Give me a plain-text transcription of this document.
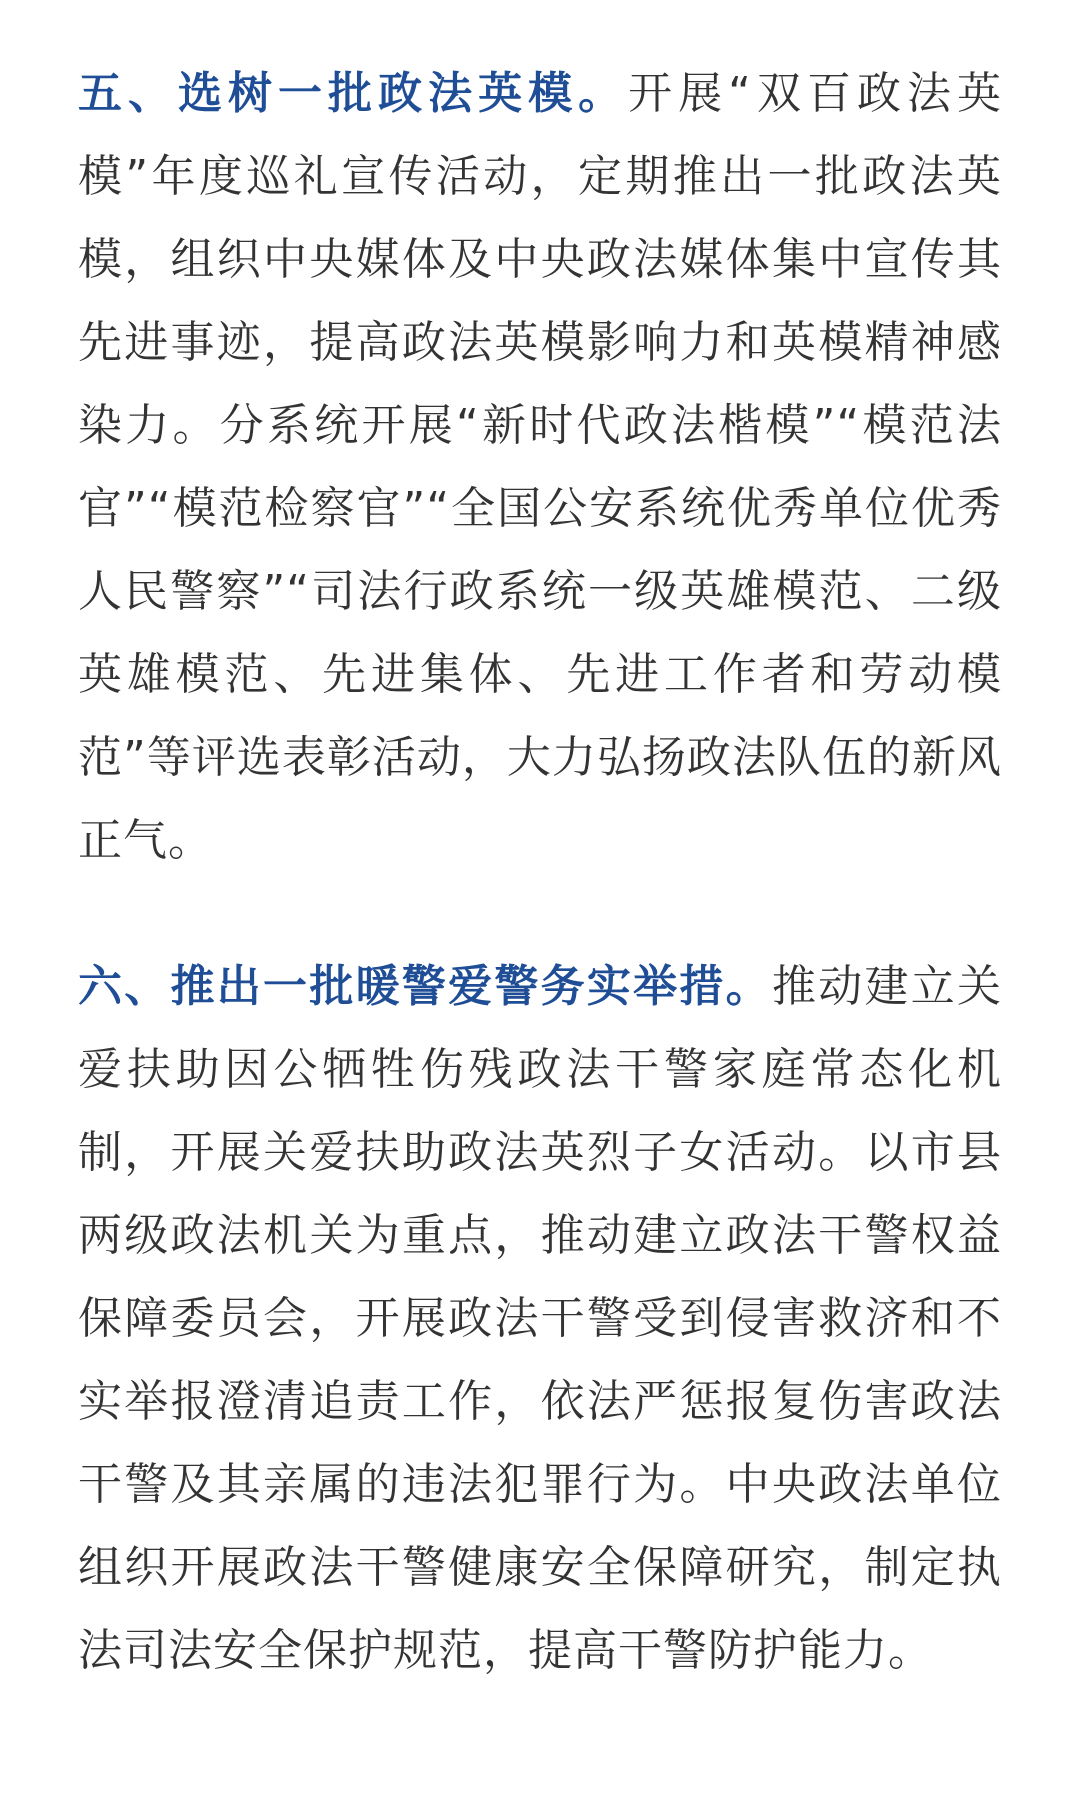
五、选树一批政法英模。开展“双百政法英模”年度巡礼宣传活动，定期推出一批政法英模，组织中央媒体及中央政法媒体集中宣传其先进事迹，提高政法英模影响力和英模精神感染力。分系统开展“新时代政法楷模”“模范法官”“模范检察官”“全国公安系统优秀单位优秀人民警察”“司法行政系统一级英雄模范、二级英雄模范、先进集体、先进工作者和劳动模范”等评选表彰活动，大力弘扬政法队伍的新风正气。

六、推出一批暖警爱警务实举措。推动建立关爱扶助因公牺牲伤残政法干警家庭常态化机制，开展关爱扶助政法英烈子女活动。以市县两级政法机关为重点，推动建立政法干警权益保障委员会，开展政法干警受到侵害救济和不实举报澄清追责工作，依法严惩报复伤害政法干警及其亲属的违法犯罪行为。中央政法单位组织开展政法干警健康安全保障研究，制定执法司法安全保护规范，提高干警防护能力。
